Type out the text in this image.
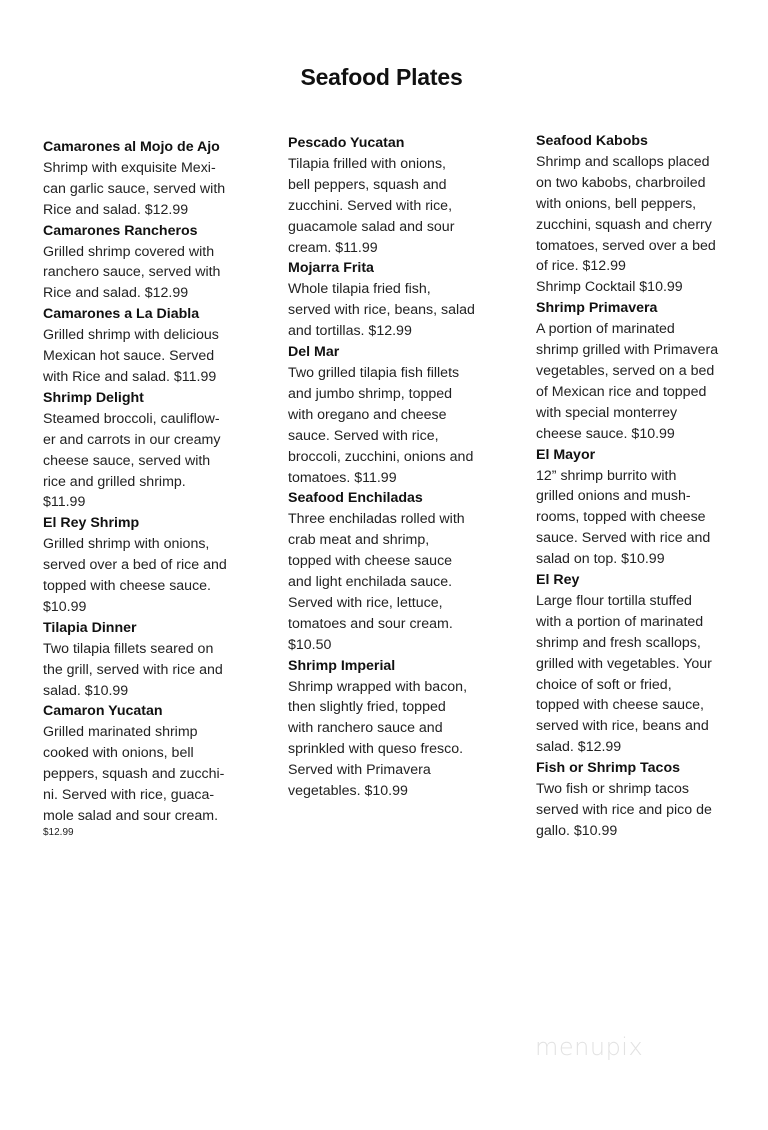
Seafood Plates
Camarones al Mojo de Ajo
Shrimp with exquisite Mexi-
can garlic sauce, served with
Rice and salad. $12.99
Camarones Rancheros
Grilled shrimp covered with
ranchero sauce, served with
Rice and salad. $12.99
Camarones a La Diabla
Grilled shrimp with delicious
Mexican hot sauce. Served
with Rice and salad. $11.99
Shrimp Delight
Steamed broccoli, cauliflow-
er and carrots in our creamy
cheese sauce, served with
rice and grilled shrimp.
$11.99
El Rey Shrimp
Grilled shrimp with onions,
served over a bed of rice and
topped with cheese sauce.
$10.99
Tilapia Dinner
Two tilapia fillets seared on
the grill, served with rice and
salad. $10.99
Camaron Yucatan
Grilled marinated shrimp
cooked with onions, bell
peppers, squash and zucchi-
ni. Served with rice, guaca-
mole salad and sour cream.
$12.99
Pescado Yucatan
Tilapia frilled with onions,
bell peppers, squash and
zucchini. Served with rice,
guacamole salad and sour
cream. $11.99
Mojarra Frita
Whole tilapia fried fish,
served with rice, beans, salad
and tortillas. $12.99
Del Mar
Two grilled tilapia fish fillets
and jumbo shrimp, topped
with oregano and cheese
sauce. Served with rice,
broccoli, zucchini, onions and
tomatoes. $11.99
Seafood Enchiladas
Three enchiladas rolled with
crab meat and shrimp,
topped with cheese sauce
and light enchilada sauce.
Served with rice, lettuce,
tomatoes and sour cream.
$10.50
Shrimp Imperial
Shrimp wrapped with bacon,
then slightly fried, topped
with ranchero sauce and
sprinkled with queso fresco.
Served with Primavera
vegetables. $10.99
Seafood Kabobs
Shrimp and scallops placed
on two kabobs, charbroiled
with onions, bell peppers,
zucchini, squash and cherry
tomatoes, served over a bed
of rice. $12.99
Shrimp Cocktail $10.99
Shrimp Primavera
A portion of marinated
shrimp grilled with Primavera
vegetables, served on a bed
of Mexican rice and topped
with special monterrey
cheese sauce. $10.99
El Mayor
12” shrimp burrito with
grilled onions and mush-
rooms, topped with cheese
sauce. Served with rice and
salad on top. $10.99
El Rey
Large flour tortilla stuffed
with a portion of marinated
shrimp and fresh scallops,
grilled with vegetables. Your
choice of soft or fried,
topped with cheese sauce,
served with rice, beans and
salad. $12.99
Fish or Shrimp Tacos
Two fish or shrimp tacos
served with rice and pico de
gallo. $10.99
menupix
